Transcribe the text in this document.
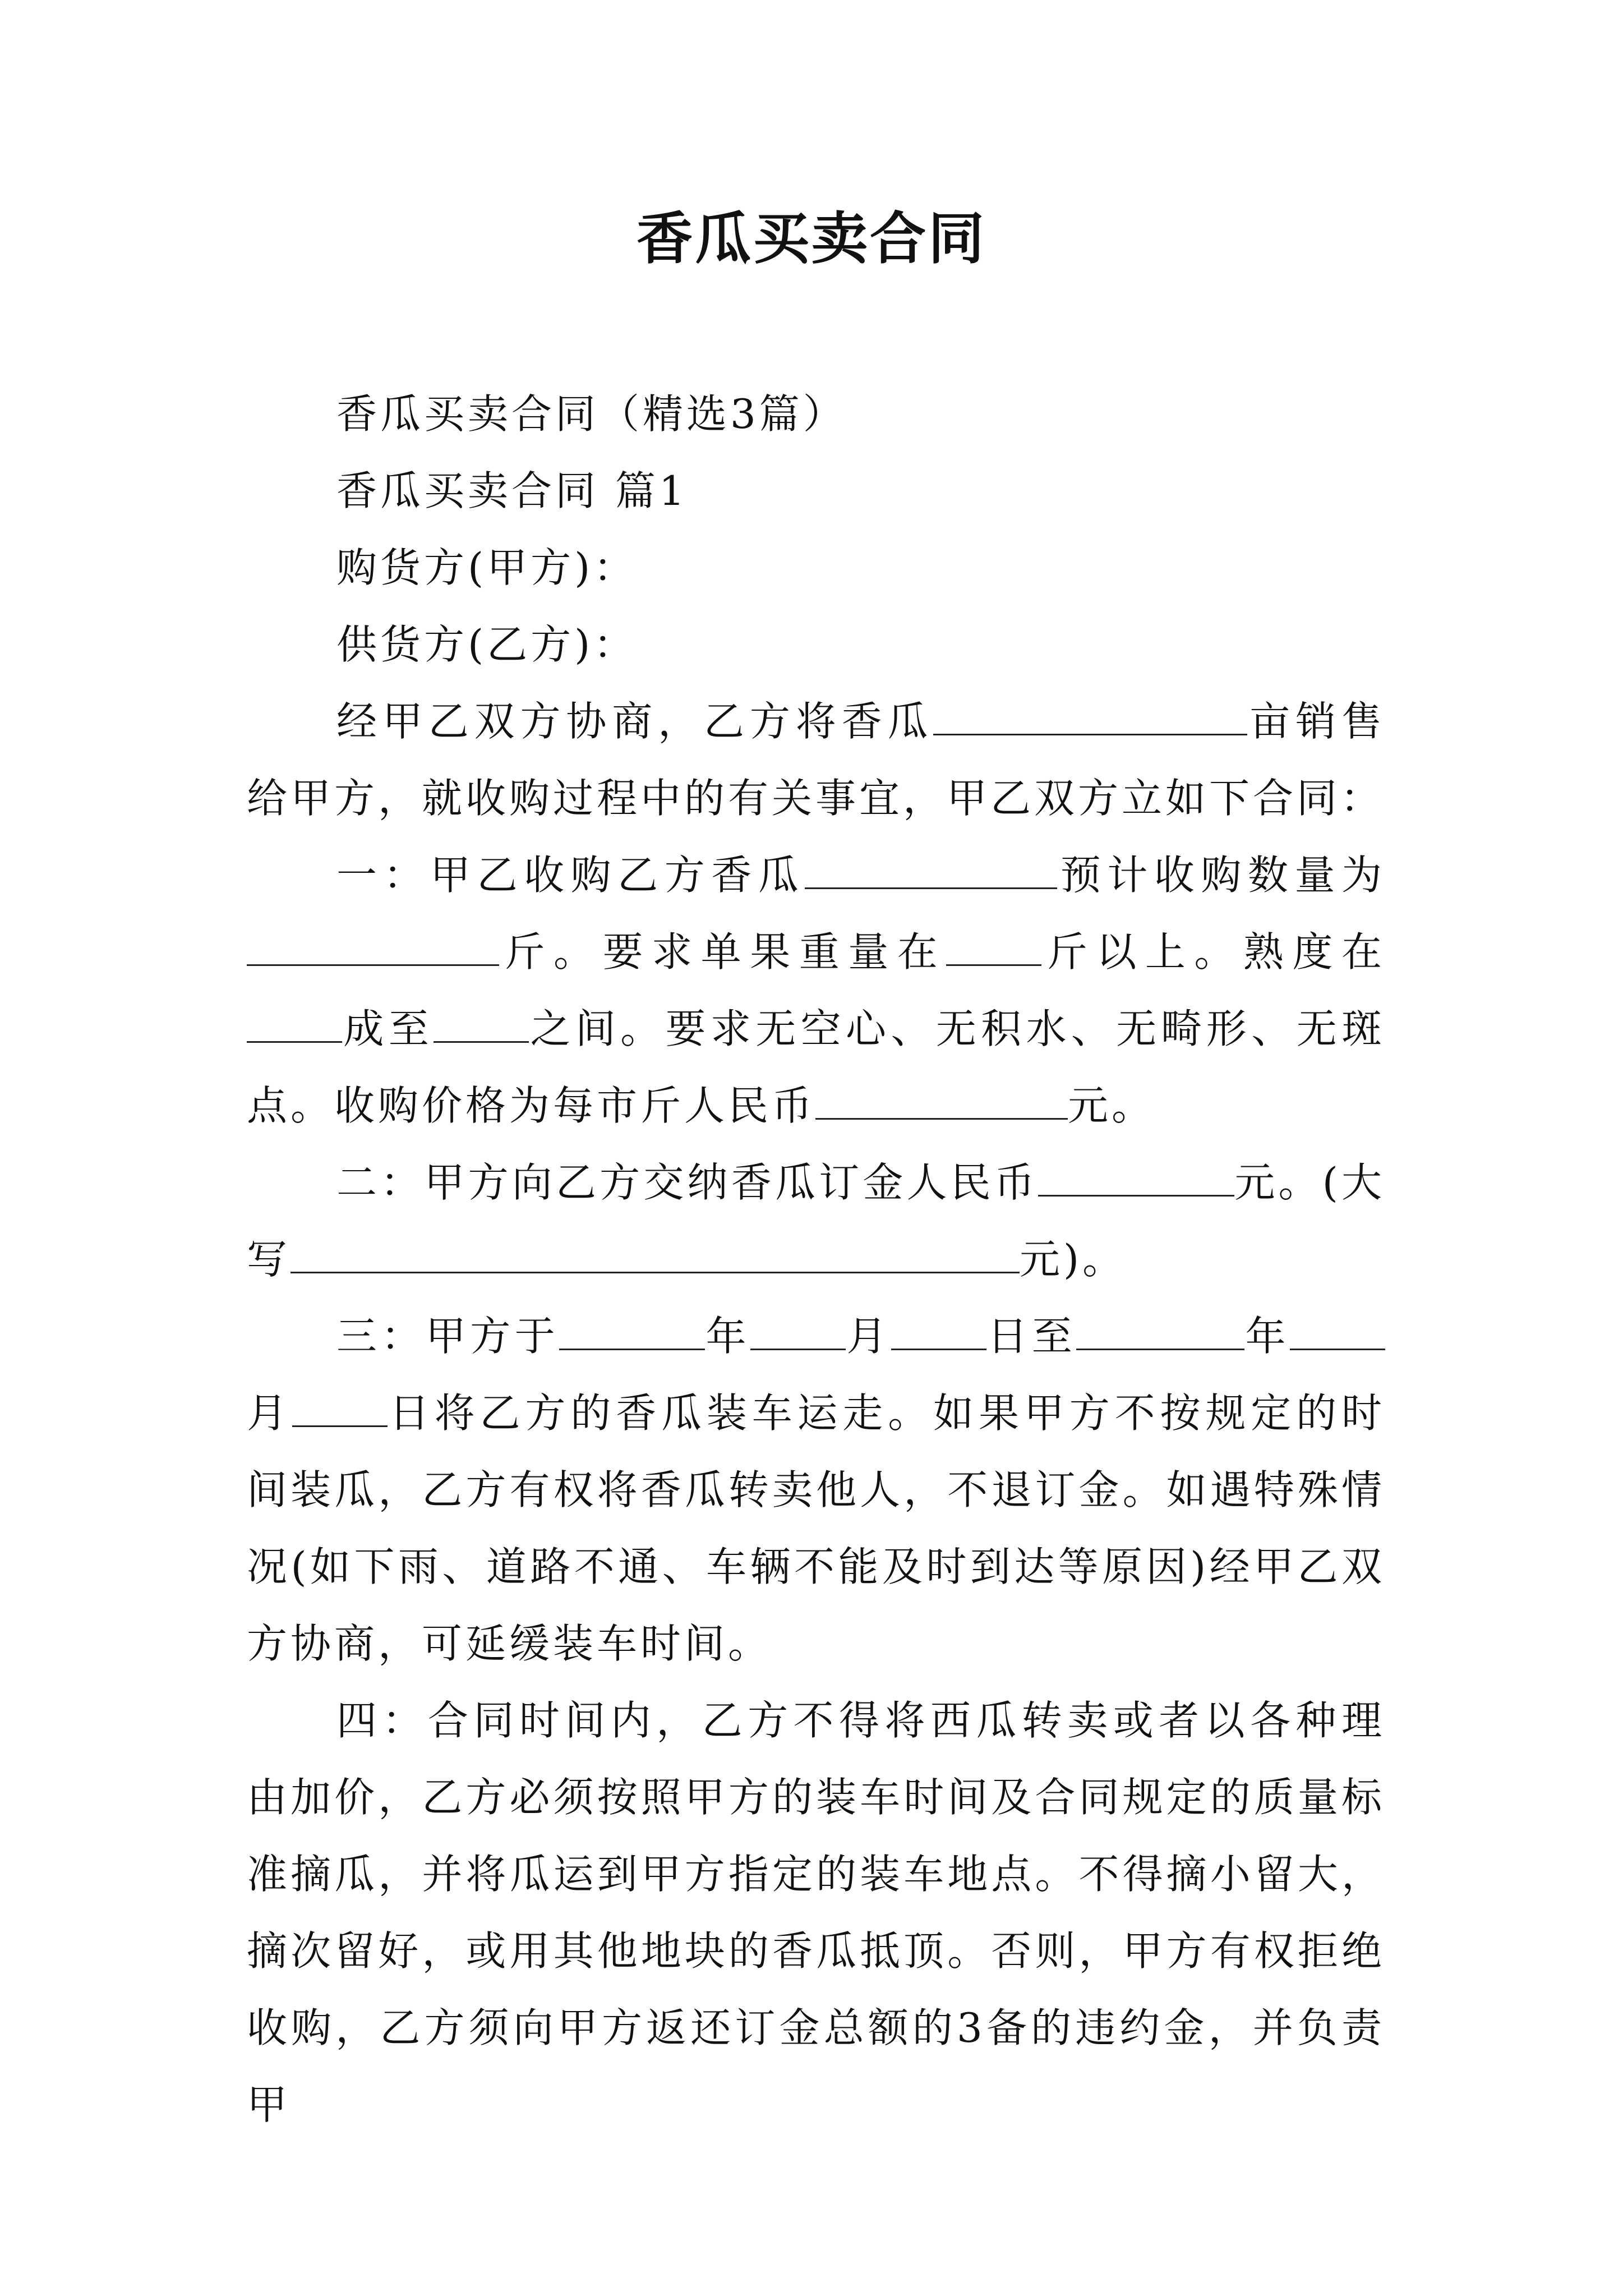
香瓜买卖合同

香瓜买卖合同（精选3篇）

香瓜买卖合同 篇1

购货方(甲方)：

供货方(乙方)：

经甲乙双方协商，乙方将香瓜	亩销售给甲方，就收购过程中的有关事宜，甲乙双方立如下合同：

一：甲乙收购乙方香瓜	预计收购数量为斤。要求单果重量在 斤以上。熟度在成至 之间。要求无空心、无积水、无畸形、无斑点。收购价格为每市斤人民币	元。

二：甲方向乙方交纳香瓜订金人民币	元。(大写	元)。

三：甲方于	年 月 日至	年月 日将乙方的香瓜装车运走。如果甲方不按规定的时间装瓜，乙方有权将香瓜转卖他人，不退订金。如遇特殊情况(如下雨、道路不通、车辆不能及时到达等原因)经甲乙双方协商，可延缓装车时间。

四：合同时间内，乙方不得将西瓜转卖或者以各种理由加价，乙方必须按照甲方的装车时间及合同规定的质量标准摘瓜，并将瓜运到甲方指定的装车地点。不得摘小留大，摘次留好，或用其他地块的香瓜抵顶。否则，甲方有权拒绝收购，乙方须向甲方返还订金总额的3备的违约金，并负责甲
